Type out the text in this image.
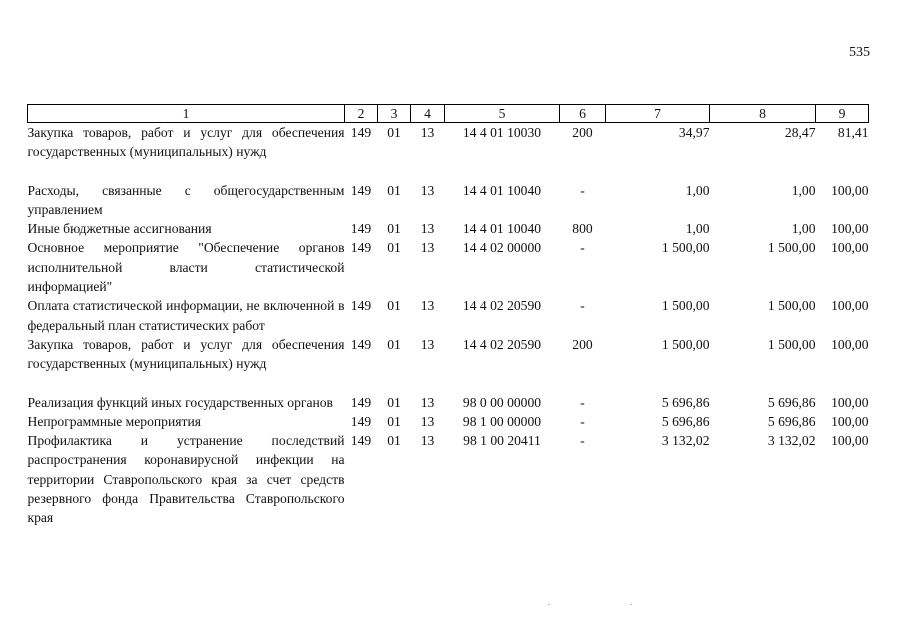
535
1	2	3	4	5	6	7	8	9
Закупка товаров, работ и услуг для обеспечения государственных (муниципальных) нужд	149	01	13	14 4 01 10030	200	34,97	28,47	81,41

Расходы, связанные с общегосударственным управлением	149	01	13	14 4 01 10040	-	1,00	1,00	100,00
Иные бюджетные ассигнования	149	01	13	14 4 01 10040	800	1,00	1,00	100,00
Основное мероприятие "Обеспечение органов исполнительной власти статистической информацией"	149	01	13	14 4 02 00000	-	1 500,00	1 500,00	100,00
Оплата статистической информации, не включенной в федеральный план статистических работ	149	01	13	14 4 02 20590	-	1 500,00	1 500,00	100,00
Закупка товаров, работ и услуг для обеспечения государственных (муниципальных) нужд	149	01	13	14 4 02 20590	200	1 500,00	1 500,00	100,00

Реализация функций иных государственных органов	149	01	13	98 0 00 00000	-	5 696,86	5 696,86	100,00
Непрограммные мероприятия	149	01	13	98 1 00 00000	-	5 696,86	5 696,86	100,00
Профилактика и устранение последствий распространения коронавирусной инфекции на территории Ставропольского края за счет средств резервного фонда Правительства Ставропольского края	149	01	13	98 1 00 20411	-	3 132,02	3 132,02	100,00
